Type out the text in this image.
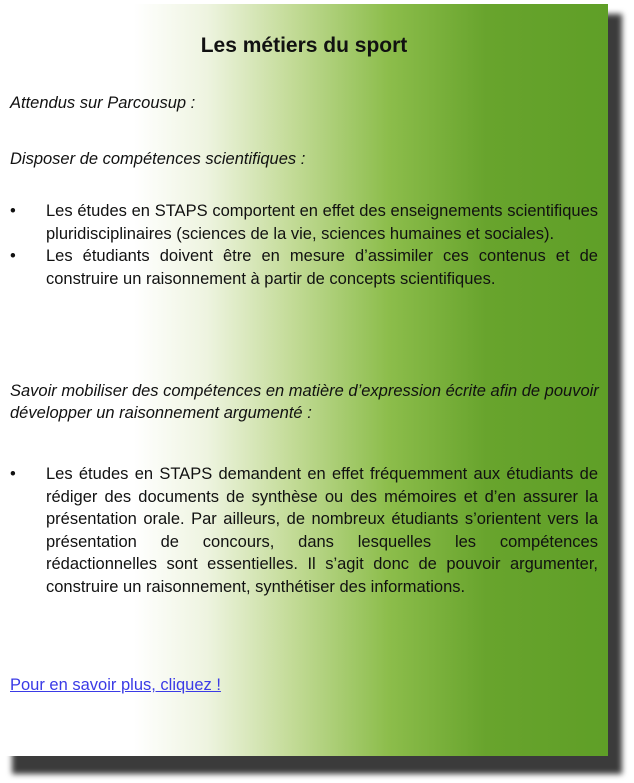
Les métiers du sport

Attendus sur Parcousup :

Disposer de compétences scientifiques :

•	Les études en STAPS comportent en effet des enseignements scientifiques pluridisciplinaires (sciences de la vie, sciences humaines et sociales).
•	Les étudiants doivent être en mesure d’assimiler ces contenus et de construire un raisonnement à partir de concepts scientifiques.

Savoir mobiliser des compétences en matière d’expression écrite afin de pouvoir développer un raisonnement argumenté :

•	Les études en STAPS demandent en effet fréquemment aux étudiants de rédiger des documents de synthèse ou des mémoires et d’en assurer la présentation orale. Par ailleurs, de nombreux étudiants s’orientent vers la présentation de concours, dans lesquelles les compétences rédactionnelles sont essentielles. Il s’agit donc de pouvoir argumenter, construire un raisonnement, synthétiser des informations.
Pour en savoir plus, cliquez !
